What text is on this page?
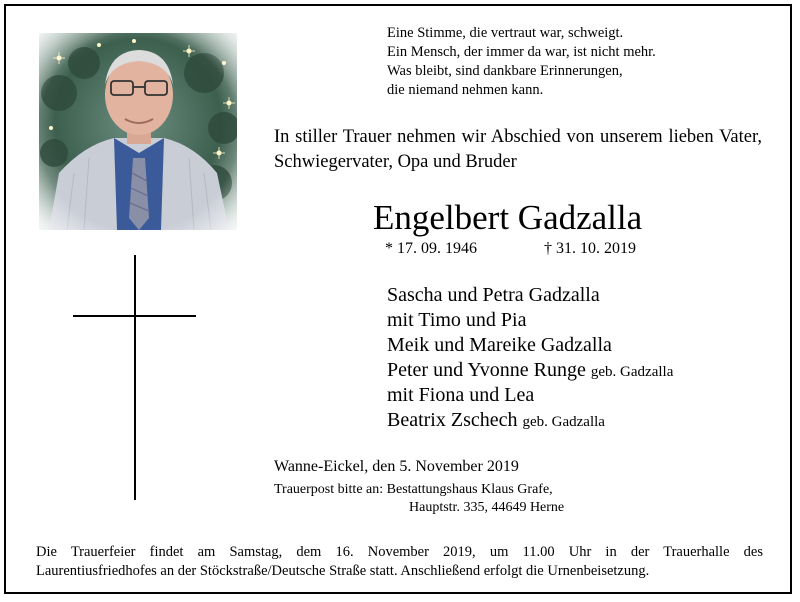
Eine Stimme, die vertraut war, schweigt.
Ein Mensch, der immer da war, ist nicht mehr.
Was bleibt, sind dankbare Erinnerungen,
die niemand nehmen kann.
In stiller Trauer nehmen wir Abschied von unserem lieben Vater, Schwiegervater, Opa und Bruder
Engelbert Gadzalla
* 17. 09. 1946	† 31. 10. 2019
Sascha und Petra Gadzalla
mit Timo und Pia
Meik und Mareike Gadzalla
Peter und Yvonne Runge geb. Gadzalla
mit Fiona und Lea
Beatrix Zschech geb. Gadzalla
Wanne-Eickel, den 5. November 2019
Trauerpost bitte an: Bestattungshaus Klaus Grafe,
Hauptstr. 335, 44649 Herne
Die Trauerfeier findet am Samstag, dem 16. November 2019, um 11.00 Uhr in der Trauerhalle des
Laurentiusfriedhofes an der Stöckstraße/Deutsche Straße statt. Anschließend erfolgt die Urnenbeisetzung.
